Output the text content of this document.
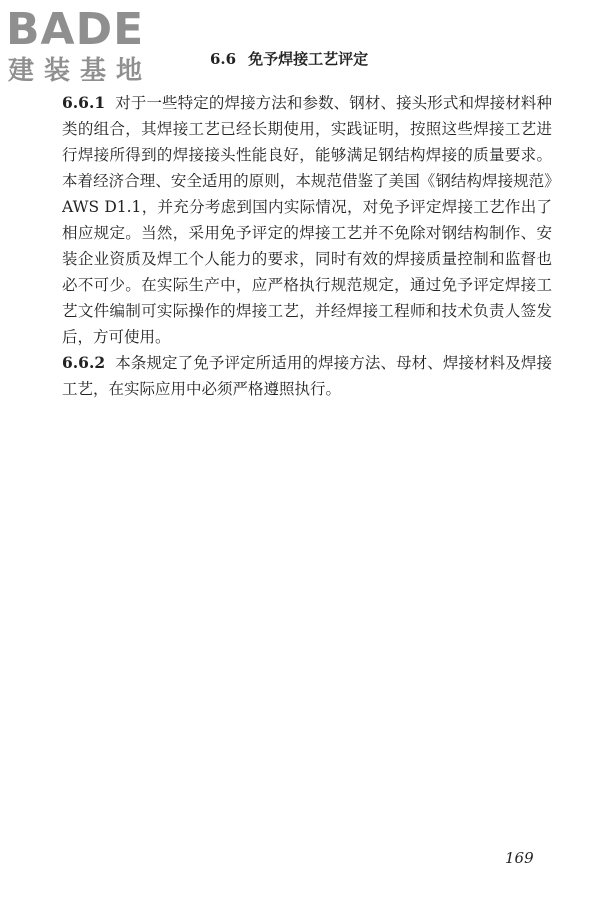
BADE
建装基地	6.6 免予焊接工艺评定

6.6.1 对于一些特定的焊接方法和参数、钢材、接头形式和焊接材料种类的组合，其焊接工艺已经长期使用，实践证明，按照这些焊接工艺进行焊接所得到的焊接接头性能良好，能够满足钢结构焊接的质量要求。本着经济合理、安全适用的原则，本规范借鉴了美国《钢结构焊接规范》AWS D1.1，并充分考虑到国内实际情况，对免予评定焊接工艺作出了相应规定。当然，采用免予评定的焊接工艺并不免除对钢结构制作、安装企业资质及焊工个人能力的要求，同时有效的焊接质量控制和监督也必不可少。在实际生产中，应严格执行规范规定，通过免予评定焊接工艺文件编制可实际操作的焊接工艺，并经焊接工程师和技术负责人签发后，方可使用。

6.6.2 本条规定了免予评定所适用的焊接方法、母材、焊接材料及焊接工艺，在实际应用中必须严格遵照执行。

169
